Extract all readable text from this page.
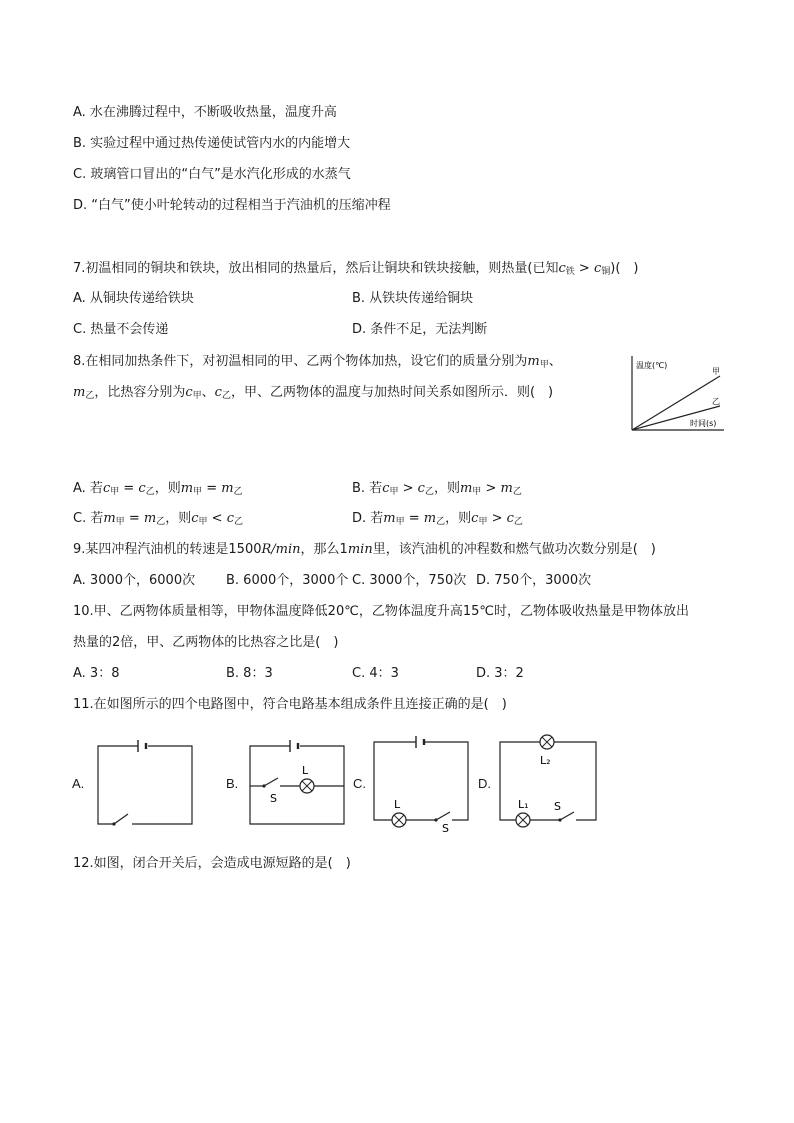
A. 水在沸腾过程中，不断吸收热量，温度升高
B. 实验过程中通过热传递使试管内水的内能增大
C. 玻璃管口冒出的“白气”是水汽化形成的水蒸气
D. “白气”使小叶轮转动的过程相当于汽油机的压缩冲程
7.初温相同的铜块和铁块，放出相同的热量后，然后让铜块和铁块接触，则热量(已知$c_铁 > c_铜$)(　)
A. 从铜块传递给铁块	B. 从铁块传递给铜块
C. 热量不会传递	D. 条件不足，无法判断
8.在相同加热条件下，对初温相同的甲、乙两个物体加热，设它们的质量分别为$m_甲$、
$m_乙$，比热容分别为$c_甲$、$c_乙$，甲、乙两物体的温度与加热时间关系如图所示．则(　)
温度(℃)
甲
乙
时间(s)
A. 若$c_甲 = c_乙$，则$m_甲 = m_乙$	B. 若$c_甲 > c_乙$，则$m_甲 > m_乙$
C. 若$m_甲 = m_乙$，则$c_甲 < c_乙$	D. 若$m_甲 = m_乙$，则$c_甲 > c_乙$
9.某四冲程汽油机的转速是1500R/min，那么1min里，该汽油机的冲程数和燃气做功次数分别是(　)
A. 3000个，6000次 B. 6000个，3000个 C. 3000个，750次 D. 750个，3000次
10.甲、乙两物体质量相等，甲物体温度降低20℃，乙物体温度升高15℃时，乙物体吸收热量是甲物体放出
热量的2倍，甲、乙两物体的比热容之比是(　)
A. 3：8	B. 8：3	C. 4：3	D. 3：2
11.在如图所示的四个电路图中，符合电路基本组成条件且连接正确的是(　)
A.	B.
L
S
C.
L
S
D.
L₂
L₁ S
12.如图，闭合开关后，会造成电源短路的是(　)
